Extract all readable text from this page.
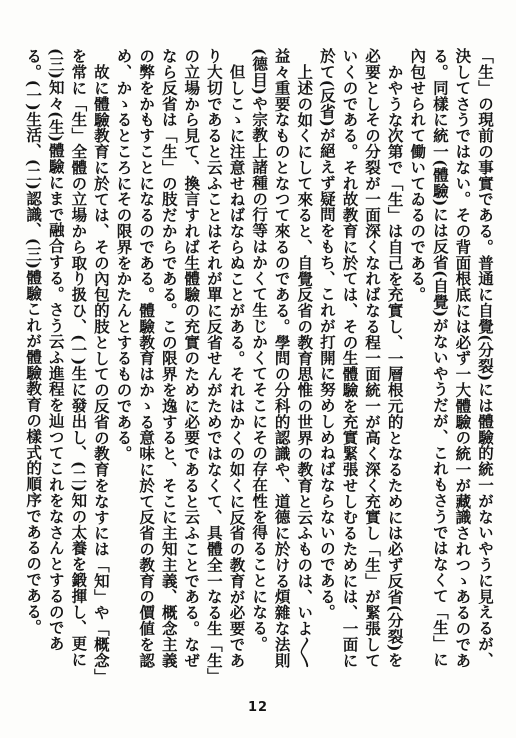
「生」の現前の事實である。普通に自覺(分裂)には體驗的統一がないやうに見えるが、決してさうではない。その背面根底には必ず一大體驗の統一が藏識されつゝあるのである。同樣に統一(體驗)には反省(自覺)がないやうだが、これもさうではなくて「生」に內包せられて働いてゐるのである。

かやうな次第で「生」は自己を充實し、一層根元的となるためには必ず反省(分裂)を必要としその分裂が一面深くなればなる程一面統一が高く深く充實し「生」が緊張していくのである。それ故教育に於ては、その生體驗を充實緊張せしむるためには、一面に於て(反省)が絕えず疑問をもち、これが打開に努めしめねばならないのである。

上述の如くにして來ると、自覺反省の教育思惟の世界の教育と云ふものは、いよ〳〵益々重要なものとなつて來るのである。學問の分科的認識や、道德に於ける煩雜な法則(德目)や宗教上諸種の行等はかくて生じかくてそこにその存在性を得ることになる。

但しこゝに注意せねばならぬことがある。それはかくの如くに反省の教育が必要であり大切であると云ふことはそれが單に反省せんがためではなくて、具體全一なる生「生」の立場から見て、換言すれば生體驗の充實のために必要であると云ふことである。なぜなら反省は「生」の肢だからである。この限界を逸すると、そこに主知主義、概念主義の弊をかもすことになるのである。體驗教育はかゝる意味に於て反省の教育の價値を認め、かゝるところにその限界をかたんとするものである。

故に體驗教育に於ては、その內包的肢としての反省の教育をなすには「知」や「概念」を常に「生」全體の立場から取り扱ひ、(一)生に發出し、(二)知の太養を鍛揮し、更に(三)知々(生)體驗にまで融合する。さう云ふ進程を辿つてこれをなさんとするのである。(一)生活、(二)認識、(三)體驗これが體驗教育の樣式的順序であるのである。

12
